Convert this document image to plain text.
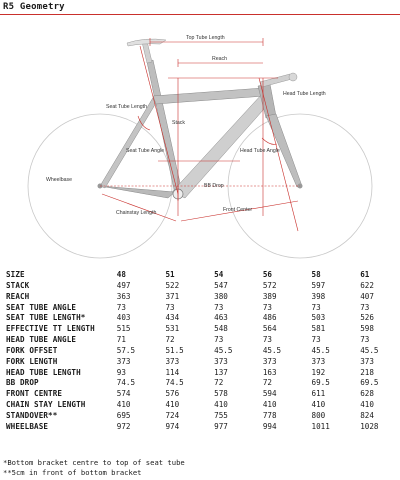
R5 Geometry
Top Tube Length
Reach
Head Tube Length
Seat Tube Length
Stack
Seat Tube Angle	Head Tube Angle
Wheelbase
BB Drop
Chainstay Length	Front Center
SIZE	48	51	54	56	58	61
STACK	497	522	547	572	597	622
REACH	363	371	380	389	398	407
SEAT TUBE ANGLE	73	73	73	73	73	73
SEAT TUBE LENGTH*	403	434	463	486	503	526
EFFECTIVE TT LENGTH	515	531	548	564	581	598
HEAD TUBE ANGLE	71	72	73	73	73	73
FORK OFFSET	57.5	51.5	45.5	45.5	45.5	45.5
FORK LENGTH	373	373	373	373	373	373
HEAD TUBE LENGTH	93	114	137	163	192	218
BB DROP	74.5	74.5	72	72	69.5	69.5
FRONT CENTRE	574	576	578	594	611	628
CHAIN STAY LENGTH	410	410	410	410	410	410
STANDOVER**	695	724	755	778	800	824
WHEELBASE	972	974	977	994	1011	1028
*Bottom bracket centre to top of seat tube
**5cm in front of bottom bracket
